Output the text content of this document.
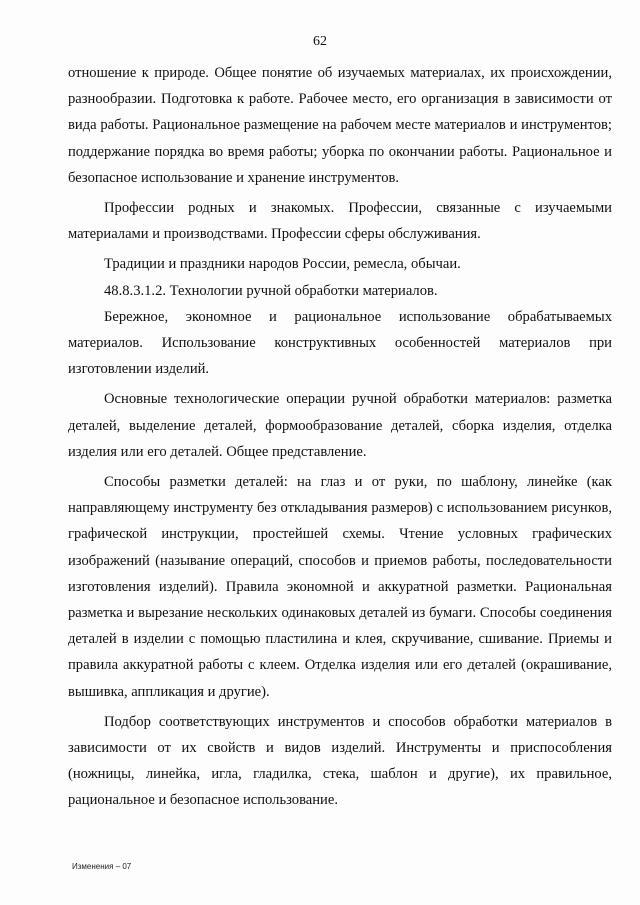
62

отношение к природе. Общее понятие об изучаемых материалах, их происхождении, разнообразии. Подготовка к работе. Рабочее место, его организация в зависимости от вида работы. Рациональное размещение на рабочем месте материалов и инструментов; поддержание порядка во время работы; уборка по окончании работы. Рациональное и безопасное использование и хранение инструментов.

Профессии родных и знакомых. Профессии, связанные с изучаемыми материалами и производствами. Профессии сферы обслуживания.

Традиции и праздники народов России, ремесла, обычаи.

48.8.3.1.2. Технологии ручной обработки материалов.

Бережное, экономное и рациональное использование обрабатываемых материалов. Использование конструктивных особенностей материалов при изготовлении изделий.

Основные технологические операции ручной обработки материалов: разметка деталей, выделение деталей, формообразование деталей, сборка изделия, отделка изделия или его деталей. Общее представление.

Способы разметки деталей: на глаз и от руки, по шаблону, линейке (как направляющему инструменту без откладывания размеров) с использованием рисунков, графической инструкции, простейшей схемы. Чтение условных графических изображений (называние операций, способов и приемов работы, последовательности изготовления изделий). Правила экономной и аккуратной разметки. Рациональная разметка и вырезание нескольких одинаковых деталей из бумаги. Способы соединения деталей в изделии с помощью пластилина и клея, скручивание, сшивание. Приемы и правила аккуратной работы с клеем. Отделка изделия или его деталей (окрашивание, вышивка, аппликация и другие).

Подбор соответствующих инструментов и способов обработки материалов в зависимости от их свойств и видов изделий. Инструменты и приспособления (ножницы, линейка, игла, гладилка, стека, шаблон и другие), их правильное, рациональное и безопасное использование.

Изменения – 07
